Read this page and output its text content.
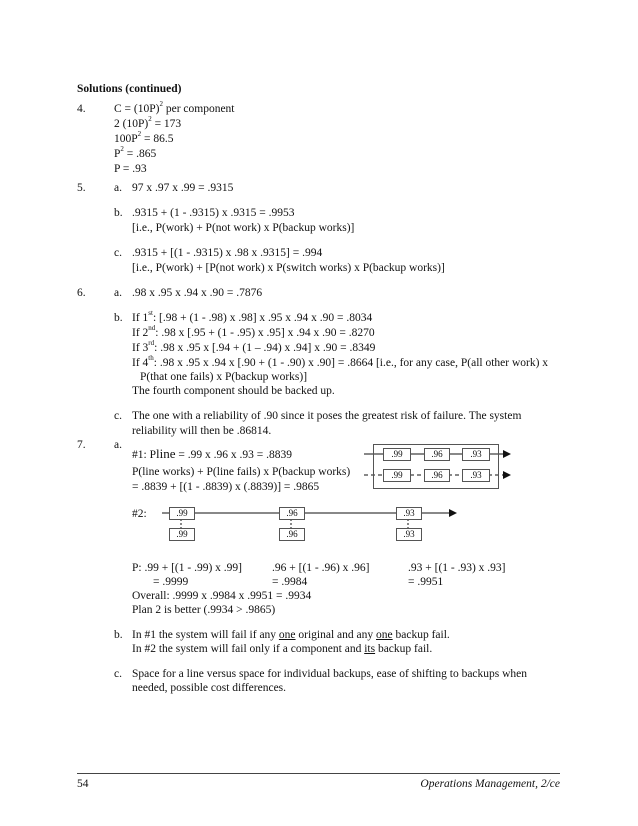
Solutions (continued)
4. $C = (10P)^2$ per component
2 $(10P)^2 = 173$
$100P^2 = 86.5$
$P^2 = .865$
P = .93
5. a. 97 x .97 x .99 = .9315
b. .9315 + (1 - .9315) x .9315 = .9953
[i.e., P(work) + P(not work) x P(backup works)]
c. .9315 + [(1 - .9315) x .98 x .9315] = .994
[i.e., P(work) + [P(not work) x P(switch works) x P(backup works)]
6. a. .98 x .95 x .94 x .90 = .7876
b. If 1st: [.98 + (1 - .98) x .98] x .95 x .94 x .90 = .8034
If 2nd: .98 x [.95 + (1 - .95) x .95] x .94 x .90 = .8270
If 3rd: .98 x .95 x [.94 + (1 – .94) x .94] x .90 = .8349
If 4th: .98 x .95 x .94 x [.90 + (1 - .90) x .90] = .8664 [i.e., for any case, P(all other work) x
P(that one fails) x P(backup works)]
The fourth component should be backed up.
c. The one with a reliability of .90 since it poses the greatest risk of failure. The system
reliability will then be .86814.
7. a.
#1: Pline = .99 x .96 x .93 = .8839
P(line works) + P(line fails) x P(backup works)
= .8839 + [(1 - .8839) x (.8839)] = .9865
.99	.96	.93
.99	.96	.93
#2:	.99	.96	.93
.99	.96	.93
P: .99 + [(1 - .99) x .99]
= .9999
.96 + [(1 - .96) x .96]
= .9984
.93 + [(1 - .93) x .93]
= .9951
Overall: .9999 x .9984 x .9951 = .9934
Plan 2 is better (.9934 > .9865)
b. In #1 the system will fail if any one original and any one backup fail.
In #2 the system will fail only if a component and its backup fail.
c. Space for a line versus space for individual backups, ease of shifting to backups when
needed, possible cost differences.
54	Operations Management, 2/ce
